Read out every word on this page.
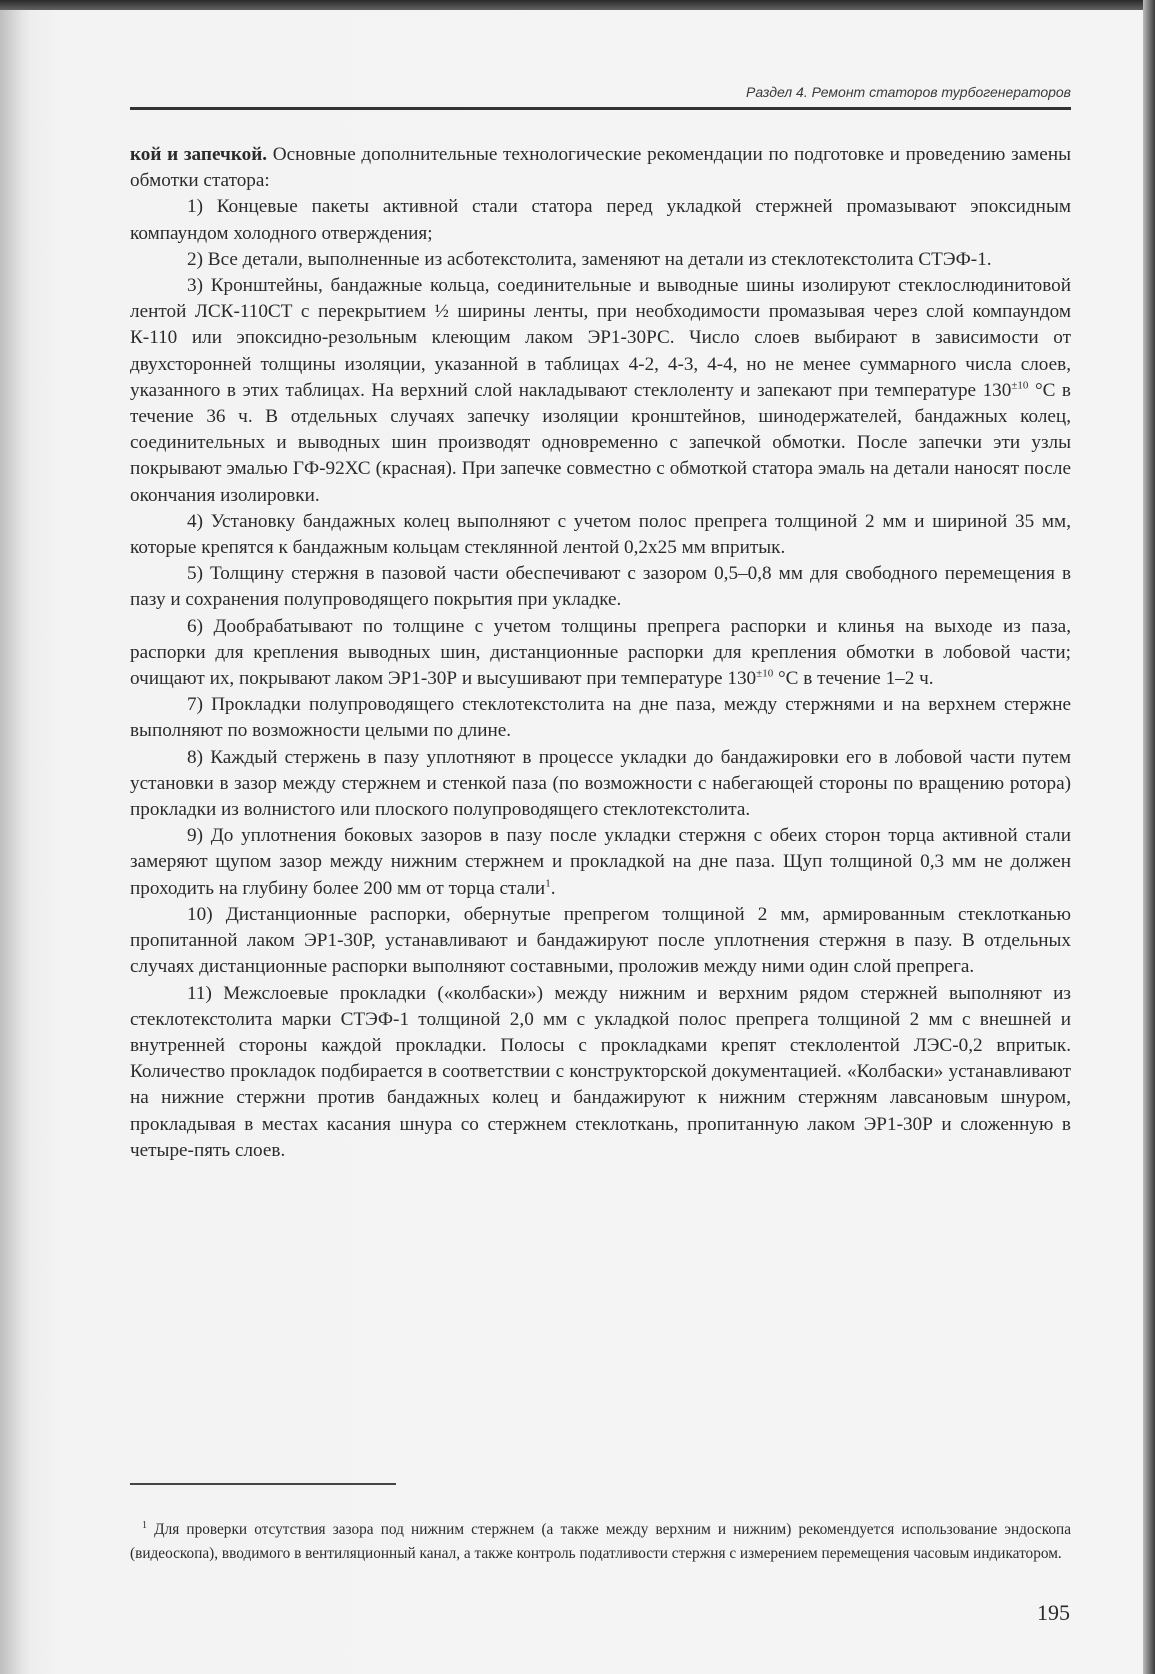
Раздел 4. Ремонт статоров турбогенераторов

кой и запечкой. Основные дополнительные технологические рекомендации по подготовке и проведению замены обмотки статора:

1) Концевые пакеты активной стали статора перед укладкой стержней промазывают эпоксидным компаундом холодного отверждения;

2) Все детали, выполненные из асботекстолита, заменяют на детали из стеклотекстолита СТЭФ-1.

3) Кронштейны, бандажные кольца, соединительные и выводные шины изолируют стеклослюдинитовой лентой ЛСК-110СТ с перекрытием ½ ширины ленты, при необходимости промазывая через слой компаундом К-110 или эпоксидно-резольным клеющим лаком ЭР1-30РС. Число слоев выбирают в зависимости от двухсторонней толщины изоляции, указанной в таблицах 4-2, 4-3, 4-4, но не менее суммарного числа слоев, указанного в этих таблицах. На верхний слой накладывают стеклоленту и запекают при температуре $130^{\pm 10}$ °С в течение 36 ч. В отдельных случаях запечку изоляции кронштейнов, шинодержателей, бандажных колец, соединительных и выводных шин производят одновременно с запечкой обмотки. После запечки эти узлы покрывают эмалью ГФ-92ХС (красная). При запечке совместно с обмоткой статора эмаль на детали наносят после окончания изолировки.

4) Установку бандажных колец выполняют с учетом полос препрега толщиной 2 мм и шириной 35 мм, которые крепятся к бандажным кольцам стеклянной лентой 0,2х25 мм впритык.

5) Толщину стержня в пазовой части обеспечивают с зазором 0,5–0,8 мм для свободного перемещения в пазу и сохранения полупроводящего покрытия при укладке.

6) Дообрабатывают по толщине с учетом толщины препрега распорки и клинья на выходе из паза, распорки для крепления выводных шин, дистанционные распорки для крепления обмотки в лобовой части; очищают их, покрывают лаком ЭР1-30Р и высушивают при температуре $130^{\pm 10}$ °С в течение 1–2 ч.

7) Прокладки полупроводящего стеклотекстолита на дне паза, между стержнями и на верхнем стержне выполняют по возможности целыми по длине.

8) Каждый стержень в пазу уплотняют в процессе укладки до бандажировки его в лобовой части путем установки в зазор между стержнем и стенкой паза (по возможности с набегающей стороны по вращению ротора) прокладки из волнистого или плоского полупроводящего стеклотекстолита.

9) До уплотнения боковых зазоров в пазу после укладки стержня с обеих сторон торца активной стали замеряют щупом зазор между нижним стержнем и прокладкой на дне паза. Щуп толщиной 0,3 мм не должен проходить на глубину более 200 мм от торца стали$^1$.

10) Дистанционные распорки, обернутые препрегом толщиной 2 мм, армированным стеклотканью пропитанной лаком ЭР1-30Р, устанавливают и бандажируют после уплотнения стержня в пазу. В отдельных случаях дистанционные распорки выполняют составными, проложив между ними один слой препрега.

11) Межслоевые прокладки («колбаски») между нижним и верхним рядом стержней выполняют из стеклотекстолита марки СТЭФ-1 толщиной 2,0 мм с укладкой полос препрега толщиной 2 мм с внешней и внутренней стороны каждой прокладки. Полосы с прокладками крепят стеклолентой ЛЭС-0,2 впритык. Количество прокладок подбирается в соответствии с конструкторской документацией. «Колбаски» устанавливают на нижние стержни против бандажных колец и бандажируют к нижним стержням лавсановым шнуром, прокладывая в местах касания шнура со стержнем стеклоткань, пропитанную лаком ЭР1-30Р и сложенную в четыре-пять слоев.

$^1$ Для проверки отсутствия зазора под нижним стержнем (а также между верхним и нижним) рекомендуется использование эндоскопа (видеоскопа), вводимого в вентиляционный канал, а также контроль податливости стержня с измерением перемещения часовым индикатором.
195
